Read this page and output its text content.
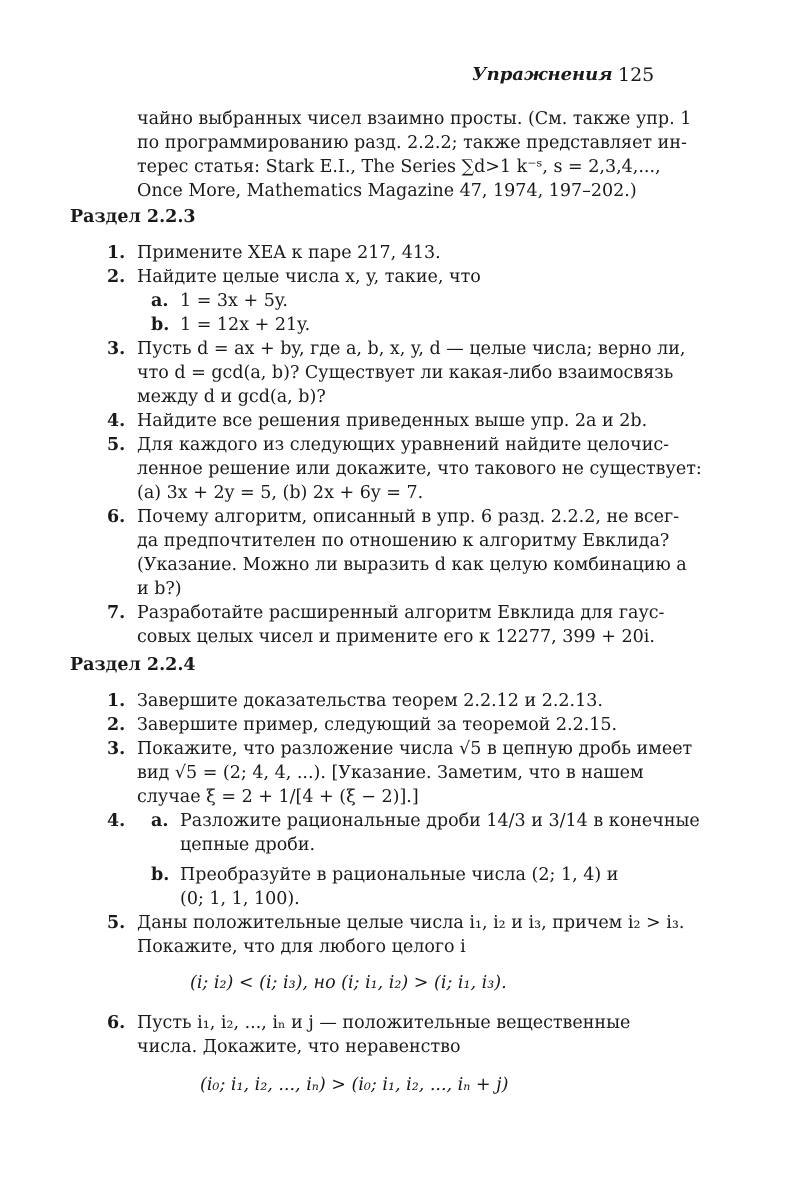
Упражнения 125
чайно выбранных чисел взаимно просты. (См. также упр. 1
по программированию разд. 2.2.2; также представляет ин-
терес статья: Stark E.I., The Series ∑d>1 k⁻ˢ, s = 2,3,4,...,
Once More, Mathematics Magazine 47, 1974, 197–202.)
Раздел 2.2.3
1. Примените XEA к паре 217, 413.
2. Найдите целые числа x, y, такие, что
a. 1 = 3x + 5y.
b. 1 = 12x + 21y.
3. Пусть d = ax + by, где a, b, x, y, d — целые числа; верно ли,
что d = gcd(a, b)? Существует ли какая-либо взаимосвязь
между d и gcd(a, b)?
4. Найдите все решения приведенных выше упр. 2a и 2b.
5. Для каждого из следующих уравнений найдите целочис-
ленное решение или докажите, что такового не существует:
(a) 3x + 2y = 5, (b) 2x + 6y = 7.
6. Почему алгоритм, описанный в упр. 6 разд. 2.2.2, не всег-
да предпочтителен по отношению к алгоритму Евклида?
(Указание. Можно ли выразить d как целую комбинацию a
и b?)
7. Разработайте расширенный алгоритм Евклида для гаус-
совых целых чисел и примените его к 12277, 399 + 20i.
Раздел 2.2.4
1. Завершите доказательства теорем 2.2.12 и 2.2.13.
2. Завершите пример, следующий за теоремой 2.2.15.
3. Покажите, что разложение числа √5 в цепную дробь имеет
вид √5 = (2; 4, 4, ...). [Указание. Заметим, что в нашем
случае ξ = 2 + 1/[4 + (ξ − 2)].]
4. a. Разложите рациональные дроби 14/3 и 3/14 в конечные
цепные дроби.
b. Преобразуйте в рациональные числа (2; 1, 4) и
(0; 1, 1, 100).
5. Даны положительные целые числа i₁, i₂ и i₃, причем i₂ > i₃.
Покажите, что для любого целого i
(i; i₂) < (i; i₃), но (i; i₁, i₂) > (i; i₁, i₃).
6. Пусть i₁, i₂, ..., iₙ и j — положительные вещественные
числа. Докажите, что неравенство
(i₀; i₁, i₂, ..., iₙ) > (i₀; i₁, i₂, ..., iₙ + j)
